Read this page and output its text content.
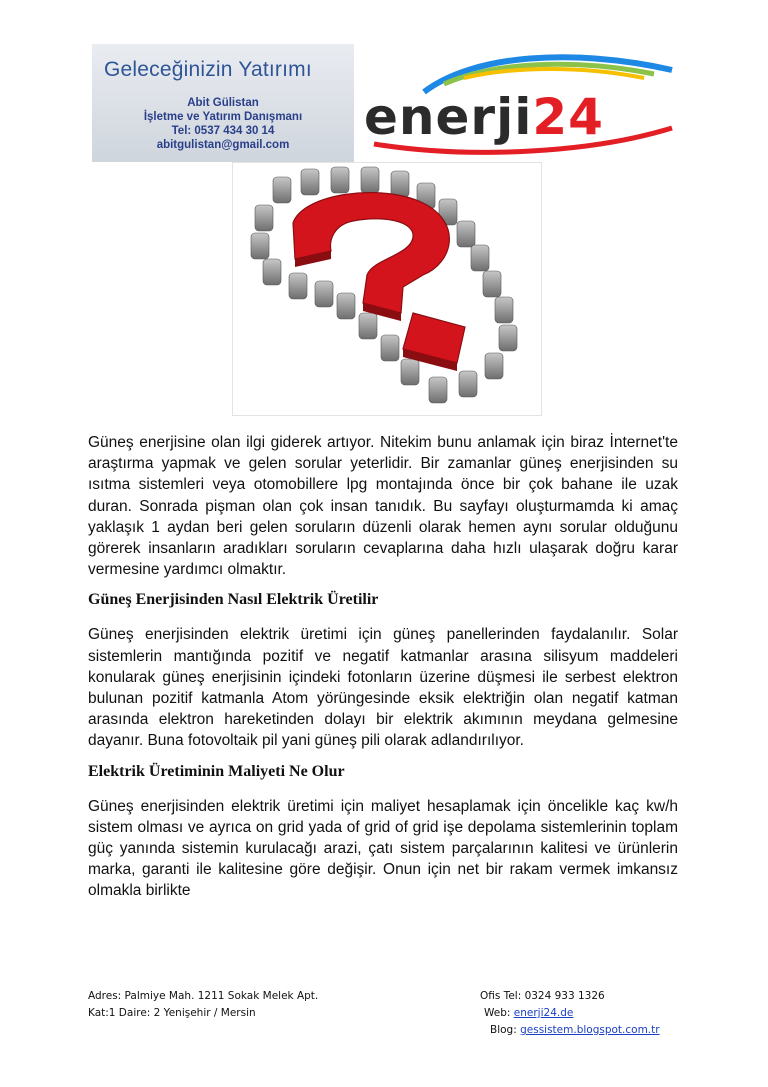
Geleceğinizin Yatırımı
Abit Gülistan
İşletme ve Yatırım Danışmanı
Tel: 0537 434 30 14
abitgulistan@gmail.com	enerji24

Güneş enerjisine olan ilgi giderek artıyor. Nitekim bunu anlamak için biraz İnternet'te araştırma yapmak ve gelen sorular yeterlidir. Bir zamanlar güneş enerjisinden su ısıtma sistemleri veya otomobillere lpg montajında önce bir çok bahane ile uzak duran. Sonrada pişman olan çok insan tanıdık. Bu sayfayı oluşturmamda ki amaç yaklaşık 1 aydan beri gelen soruların düzenli olarak hemen aynı sorular olduğunu görerek insanların aradıkları soruların cevaplarına daha hızlı ulaşarak doğru karar vermesine yardımcı olmaktır.

Güneş Enerjisinden Nasıl Elektrik Üretilir

Güneş enerjisinden elektrik üretimi için güneş panellerinden faydalanılır. Solar sistemlerin mantığında pozitif ve negatif katmanlar arasına silisyum maddeleri konularak güneş enerjisinin içindeki fotonların üzerine düşmesi ile serbest elektron bulunan pozitif katmanla Atom yörüngesinde eksik elektriğin olan negatif katman arasında elektron hareketinden dolayı bir elektrik akımının meydana gelmesine dayanır. Buna fotovoltaik pil yani güneş pili olarak adlandırılıyor.

Elektrik Üretiminin Maliyeti Ne Olur

Güneş enerjisinden elektrik üretimi için maliyet hesaplamak için öncelikle kaç kw/h sistem olması ve ayrıca on grid yada of grid of grid işe depolama sistemlerinin toplam güç yanında sistemin kurulacağı arazi, çatı sistem parçalarının kalitesi ve ürünlerin marka, garanti ile kalitesine göre değişir. Onun için net bir rakam vermek imkansız olmakla birlikte

Adres: Palmiye Mah. 1211 Sokak Melek Apt.
Kat:1 Daire: 2 Yenişehir / Mersin
Ofis Tel: 0324 933 1326
Web: enerji24.de
Blog: gessistem.blogspot.com.tr
